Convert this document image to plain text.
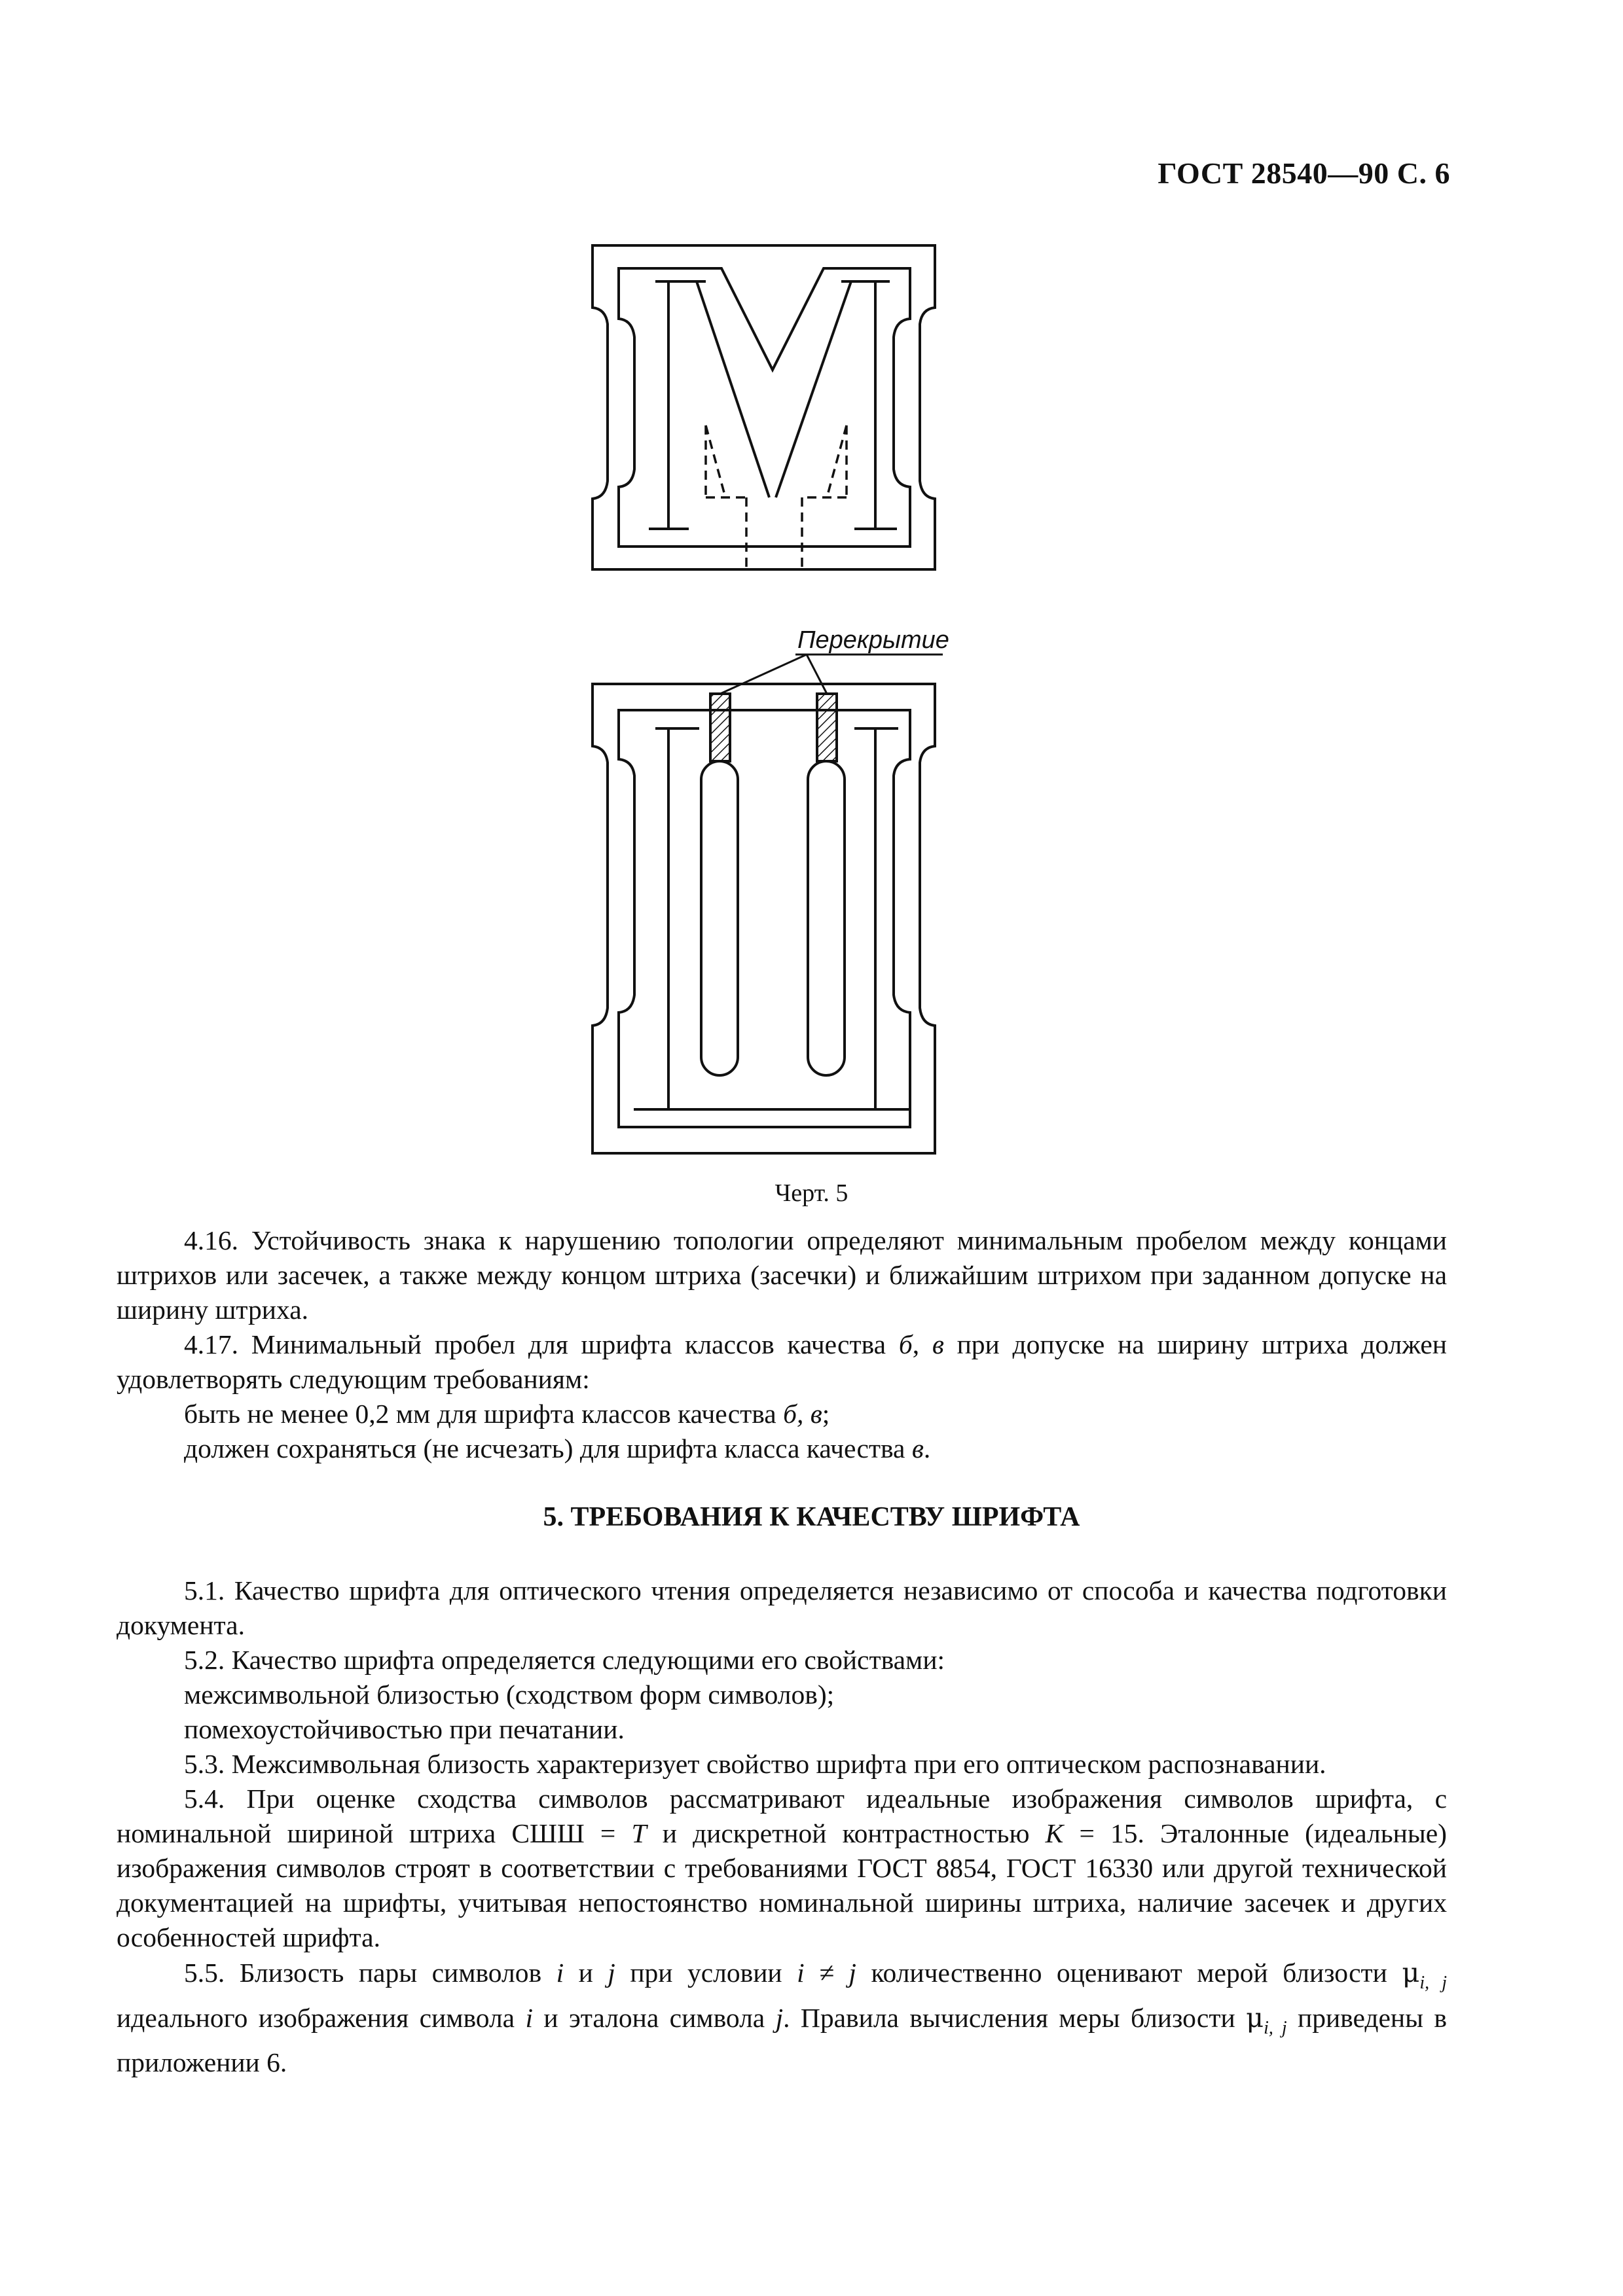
ГОСТ 28540—90 С. 6
Перекрытие
Черт. 5

4.16. Устойчивость знака к нарушению топологии определяют минимальным пробелом между концами штрихов или засечек, а также между концом штриха (засечки) и ближайшим штрихом при заданном допуске на ширину штриха.

4.17. Минимальный пробел для шрифта классов качества б, в при допуске на ширину штриха должен удовлетворять следующим требованиям:

быть не менее 0,2 мм для шрифта классов качества б, в;

должен сохраняться (не исчезать) для шрифта класса качества в.

5. ТРЕБОВАНИЯ К КАЧЕСТВУ ШРИФТА

5.1. Качество шрифта для оптического чтения определяется независимо от способа и качества подготовки документа.

5.2. Качество шрифта определяется следующими его свойствами:

межсимвольной близостью (сходством форм символов);

помехоустойчивостью при печатании.

5.3. Межсимвольная близость характеризует свойство шрифта при его оптическом распознавании.

5.4. При оценке сходства символов рассматривают идеальные изображения символов шрифта, с номинальной шириной штриха СШШ = T и дискретной контрастностью K = 15. Эталонные (идеальные) изображения символов строят в соответствии с требованиями ГОСТ 8854, ГОСТ 16330 или другой технической документацией на шрифты, учитывая непостоянство номинальной ширины штриха, наличие засечек и других особенностей шрифта.

5.5. Близость пары символов i и j при условии i ≠ j количественно оценивают мерой близости $\mu_{i, j}$ идеального изображения символа i и эталона символа j. Правила вычисления меры близости $\mu_{i, j}$ приведены в приложении 6.
